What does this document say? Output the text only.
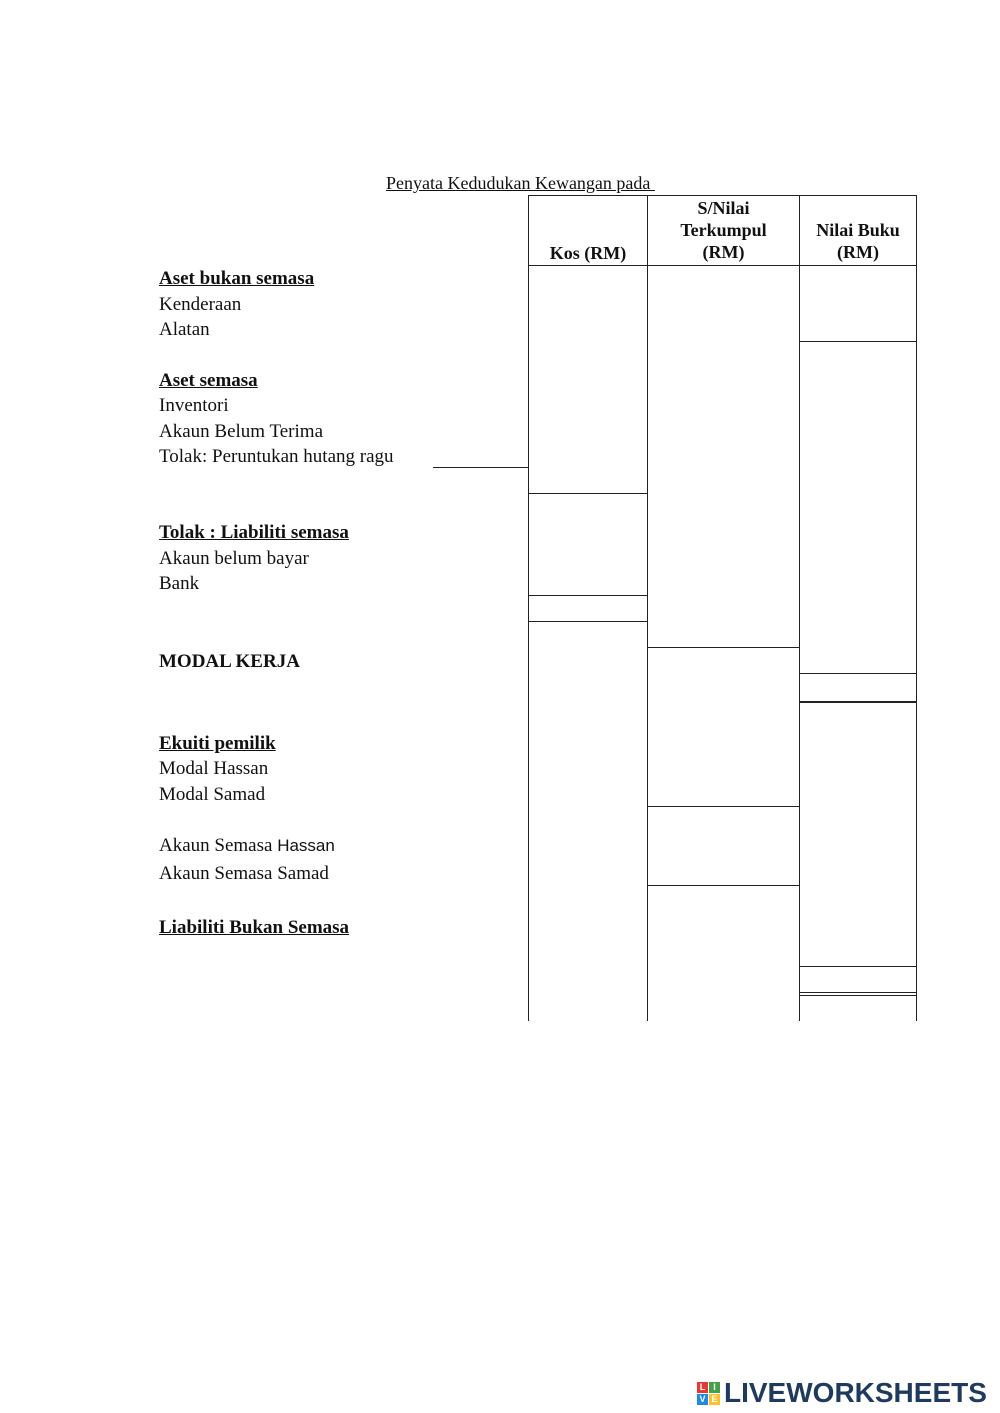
Penyata Kedudukan Kewangan pada
Kos (RM)
S/Nilai
Terkumpul
(RM)
Nilai Buku
(RM)
Aset bukan semasa
Kenderaan
Alatan
Aset semasa
Inventori
Akaun Belum Terima
Tolak: Peruntukan hutang ragu
Tolak : Liabiliti semasa
Akaun belum bayar
Bank
MODAL KERJA
Ekuiti pemilik
Modal Hassan
Modal Samad
Akaun Semasa Hassan
Akaun Semasa Samad
Liabiliti Bukan Semasa
L I
V E LIVEWORKSHEETS
